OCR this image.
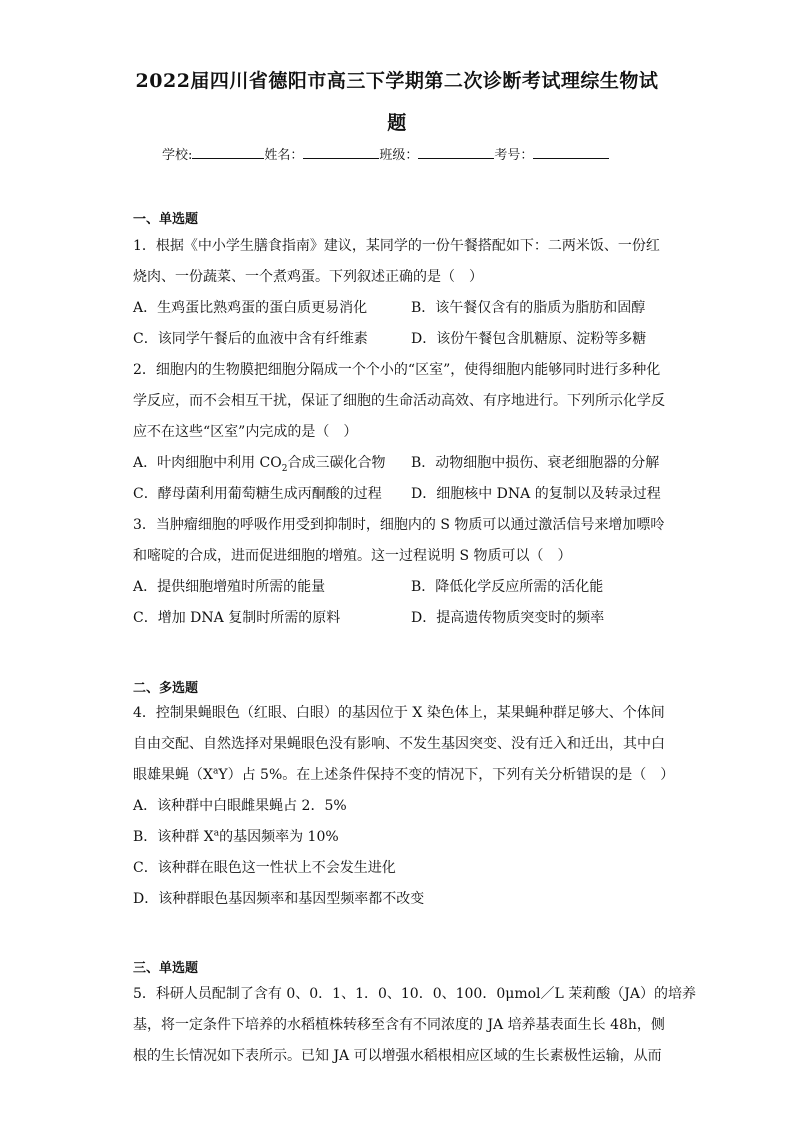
2022届四川省德阳市高三下学期第二次诊断考试理综生物试
题
学校:	姓名：	班级：	考号：
一、单选题
1．根据《中小学生膳食指南》建议，某同学的一份午餐搭配如下：二两米饭、一份红
烧肉、一份蔬菜、一个煮鸡蛋。下列叙述正确的是（　）
A．生鸡蛋比熟鸡蛋的蛋白质更易消化	B．该午餐仅含有的脂质为脂肪和固醇
C．该同学午餐后的血液中含有纤维素	D．该份午餐包含肌糖原、淀粉等多糖
2．细胞内的生物膜把细胞分隔成一个个小的“区室”，使得细胞内能够同时进行多种化
学反应，而不会相互干扰，保证了细胞的生命活动高效、有序地进行。下列所示化学反
应不在这些“区室”内完成的是（　）
A．叶肉细胞中利用 $CO_2$合成三碳化合物 B．动物细胞中损伤、衰老细胞器的分解
C．酵母菌利用葡萄糖生成丙酮酸的过程 D．细胞核中 DNA 的复制以及转录过程
3．当肿瘤细胞的呼吸作用受到抑制时，细胞内的 S 物质可以通过激活信号来增加嘌呤
和嘧啶的合成，进而促进细胞的增殖。这一过程说明 S 物质可以（　）
A．提供细胞增殖时所需的能量	B．降低化学反应所需的活化能
C．增加 DNA 复制时所需的原料	D．提高遗传物质突变时的频率
二、多选题
4．控制果蝇眼色（红眼、白眼）的基因位于 X 染色体上，某果蝇种群足够大、个体间
自由交配、自然选择对果蝇眼色没有影响、不发生基因突变、没有迁入和迁出，其中白
眼雄果蝇$(X^aY)$占 5%。在上述条件保持不变的情况下，下列有关分析错误的是（　）
A．该种群中白眼雌果蝇占 2．5%
B．该种群 $X^a$的基因频率为 10%
C．该种群在眼色这一性状上不会发生进化
D．该种群眼色基因频率和基因型频率都不改变
三、单选题
5．科研人员配制了含有 0、0．1、1．0、10．0、100．0μmol／L 茉莉酸（JA）的培养
基，将一定条件下培养的水稻植株转移至含有不同浓度的 JA 培养基表面生长 48h，侧
根的生长情况如下表所示。已知 JA 可以增强水稻根相应区域的生长素极性运输，从而
